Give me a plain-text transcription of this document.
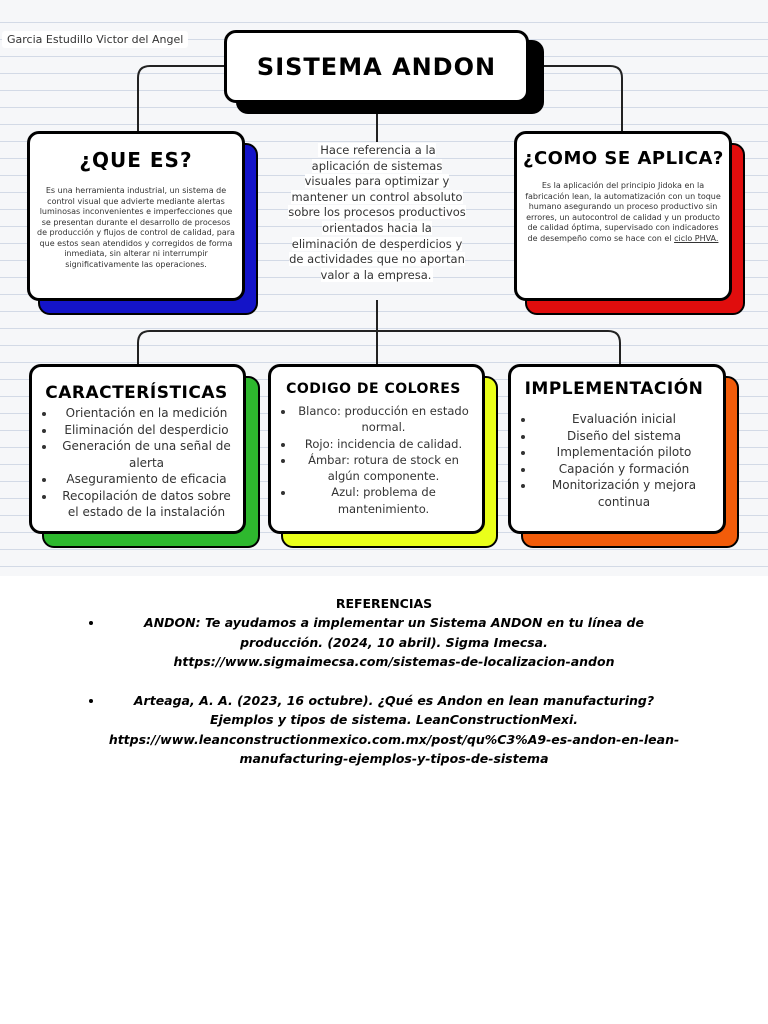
Garcia Estudillo Victor del Angel
SISTEMA ANDON
¿QUE ES?
Es una herramienta industrial, un sistema de control visual que advierte mediante alertas luminosas inconvenientes e imperfecciones que se presentan durante el desarrollo de procesos de producción y flujos de control de calidad, para que estos sean atendidos y corregidos de forma inmediata, sin alterar ni interrumpir significativamente las operaciones.
Hace referencia a la aplicación de sistemas visuales para optimizar y mantener un control absoluto sobre los procesos productivos orientados hacia la eliminación de desperdicios y de actividades que no aportan valor a la empresa.
¿COMO SE APLICA?
Es la aplicación del principio Jidoka en la fabricación lean, la automatización con un toque humano asegurando un proceso productivo sin errores, un autocontrol de calidad y un producto de calidad óptima, supervisado con indicadores de desempeño como se hace con el ciclo PHVA.
CARACTERÍSTICAS
• Orientación en la medición
• Eliminación del desperdicio
• Generación de una señal de alerta
• Aseguramiento de eficacia
• Recopilación de datos sobre el estado de la instalación
CODIGO DE COLORES
• Blanco: producción en estado normal.
• Rojo: incidencia de calidad.
• Ámbar: rotura de stock en algún componente.
• Azul: problema de mantenimiento.
IMPLEMENTACIÓN
• Evaluación inicial
• Diseño del sistema
• Implementación piloto
• Capación y formación
• Monitorización y mejora continua
REFERENCIAS
• ANDON: Te ayudamos a implementar un Sistema ANDON en tu línea de producción. (2024, 10 abril). Sigma Imecsa. https://www.sigmaimecsa.com/sistemas-de-localizacion-andon
• Arteaga, A. A. (2023, 16 octubre). ¿Qué es Andon en lean manufacturing? Ejemplos y tipos de sistema. LeanConstructionMexi. https://www.leanconstructionmexico.com.mx/post/qu%C3%A9-es-andon-en-lean-manufacturing-ejemplos-y-tipos-de-sistema
